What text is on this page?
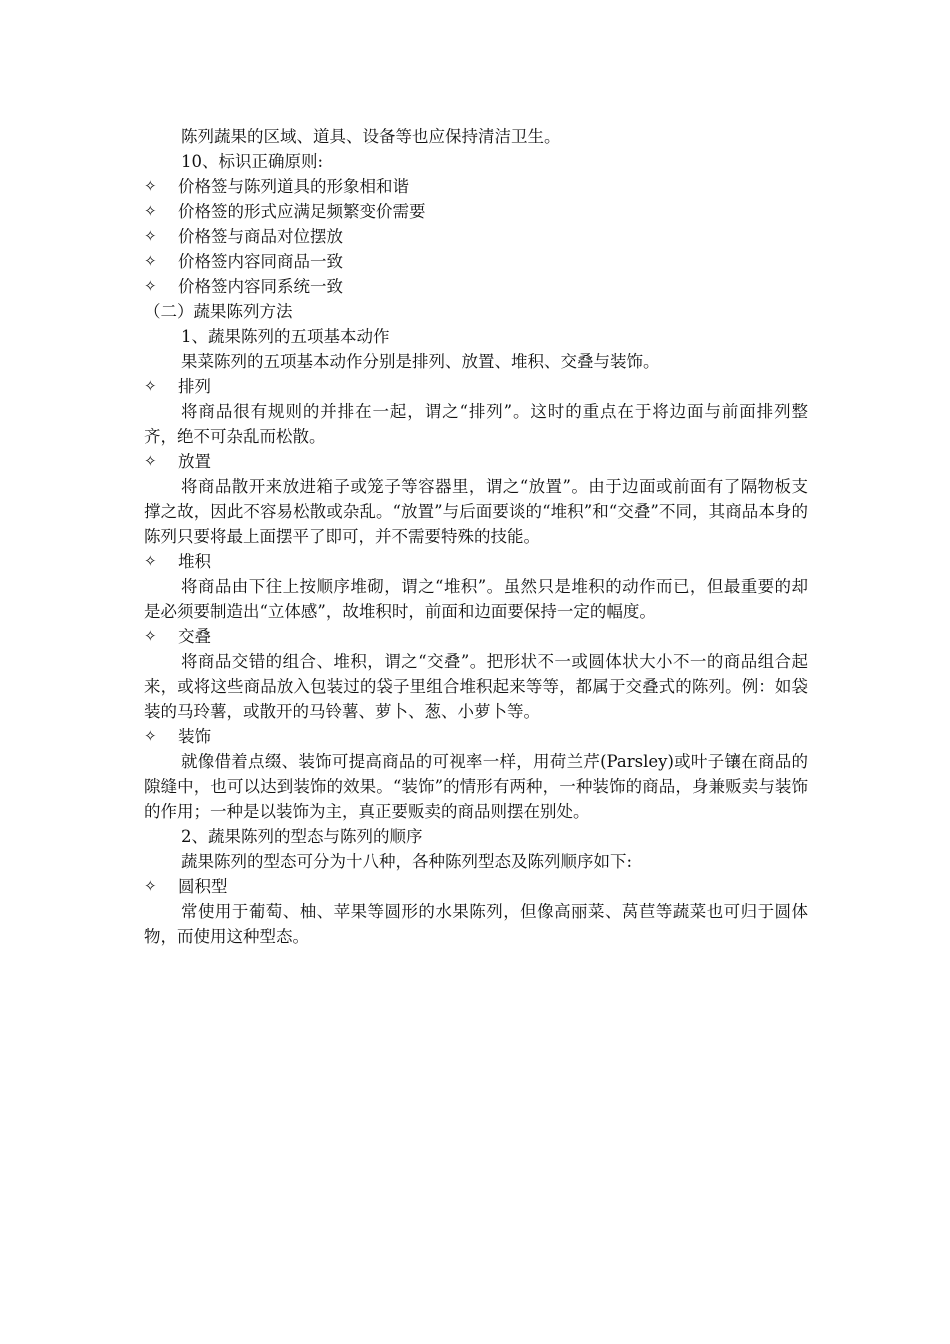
陈列蔬果的区域、道具、设备等也应保持清洁卫生。
10、标识正确原则:
✧	价格签与陈列道具的形象相和谐
✧	价格签的形式应满足频繁变价需要
✧	价格签与商品对位摆放
✧	价格签内容同商品一致
✧	价格签内容同系统一致
（二）蔬果陈列方法
1、蔬果陈列的五项基本动作
果菜陈列的五项基本动作分别是排列、放置、堆积、交叠与装饰。
✧	排列
将商品很有规则的并排在一起，谓之“排列”。这时的重点在于将边面与前面排列整齐，绝不可杂乱而松散。
✧	放置
将商品散开来放进箱子或笼子等容器里，谓之“放置”。由于边面或前面有了隔物板支撑之故，因此不容易松散或杂乱。“放置”与后面要谈的“堆积”和“交叠”不同，其商品本身的陈列只要将最上面摆平了即可，并不需要特殊的技能。
✧	堆积
将商品由下往上按顺序堆砌，谓之“堆积”。虽然只是堆积的动作而已，但最重要的却是必须要制造出“立体感”，故堆积时，前面和边面要保持一定的幅度。
✧	交叠
将商品交错的组合、堆积，谓之“交叠”。把形状不一或圆体状大小不一的商品组合起来，或将这些商品放入包装过的袋子里组合堆积起来等等，都属于交叠式的陈列。例：如袋装的马玲薯，或散开的马铃薯、萝卜、葱、小萝卜等。
✧	装饰
就像借着点缀、装饰可提高商品的可视率一样，用荷兰芹(Parsley)或叶子镶在商品的隙缝中，也可以达到装饰的效果。“装饰”的情形有两种，一种装饰的商品，身兼贩卖与装饰的作用；一种是以装饰为主，真正要贩卖的商品则摆在别处。
2、蔬果陈列的型态与陈列的顺序
蔬果陈列的型态可分为十八种，各种陈列型态及陈列顺序如下:
✧	圆积型
常使用于葡萄、柚、苹果等圆形的水果陈列，但像高丽菜、莴苣等蔬菜也可归于圆体物，而使用这种型态。
